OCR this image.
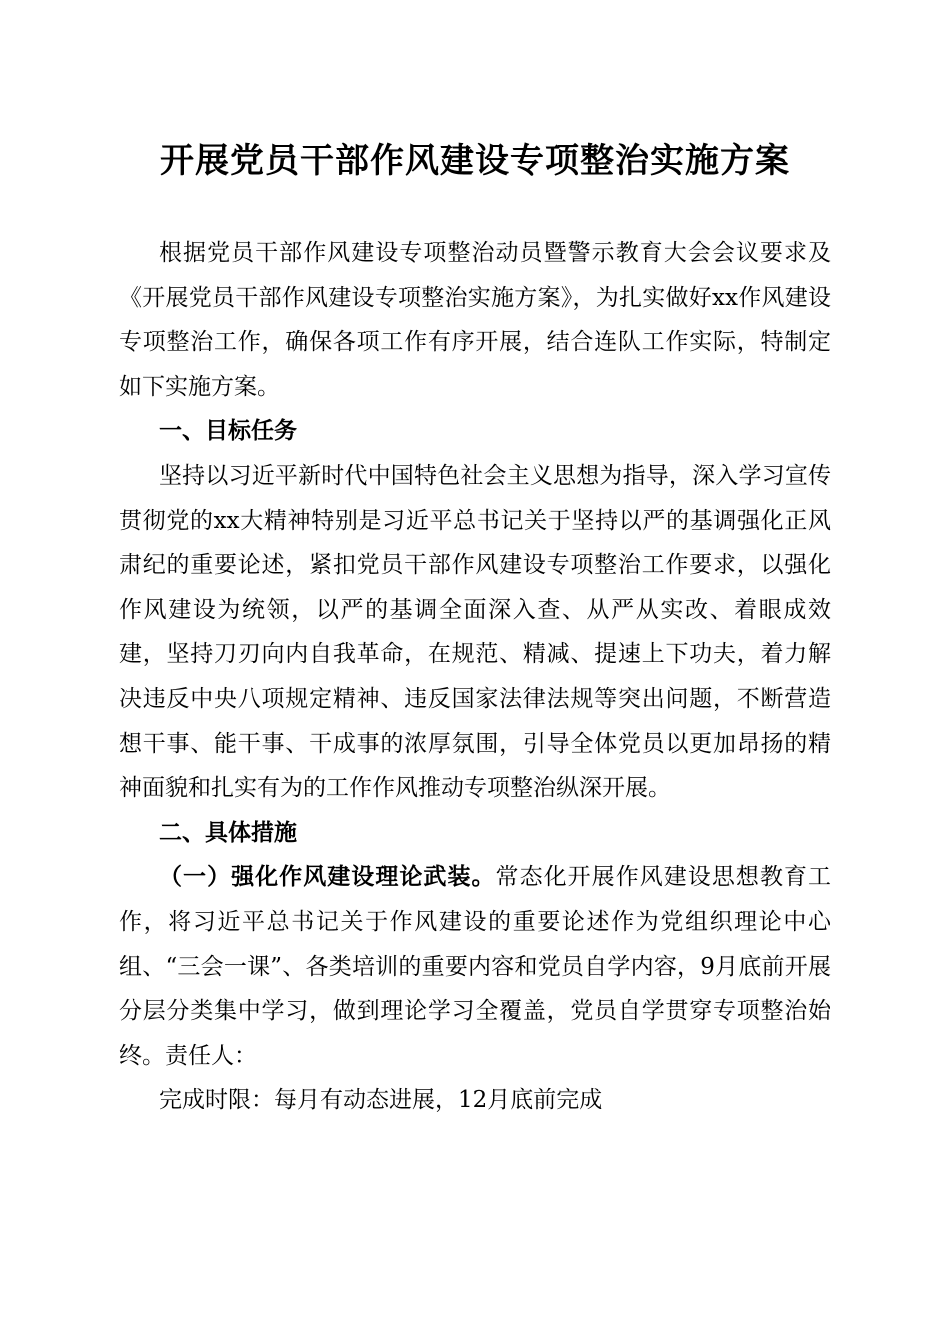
开展党员干部作风建设专项整治实施方案

根据党员干部作风建设专项整治动员暨警示教育大会会议要求及《开展党员干部作风建设专项整治实施方案》，为扎实做好xx作风建设专项整治工作，确保各项工作有序开展，结合连队工作实际，特制定如下实施方案。

一、目标任务

坚持以习近平新时代中国特色社会主义思想为指导，深入学习宣传贯彻党的xx大精神特别是习近平总书记关于坚持以严的基调强化正风肃纪的重要论述，紧扣党员干部作风建设专项整治工作要求，以强化作风建设为统领，以严的基调全面深入查、从严从实改、着眼成效建，坚持刀刃向内自我革命，在规范、精减、提速上下功夫，着力解决违反中央八项规定精神、违反国家法律法规等突出问题，不断营造想干事、能干事、干成事的浓厚氛围，引导全体党员以更加昂扬的精神面貌和扎实有为的工作作风推动专项整治纵深开展。

二、具体措施

（一）强化作风建设理论武装。常态化开展作风建设思想教育工作，将习近平总书记关于作风建设的重要论述作为党组织理论中心组、“三会一课”、各类培训的重要内容和党员自学内容，9月底前开展分层分类集中学习，做到理论学习全覆盖，党员自学贯穿专项整治始终。责任人：

完成时限：每月有动态进展，12月底前完成
